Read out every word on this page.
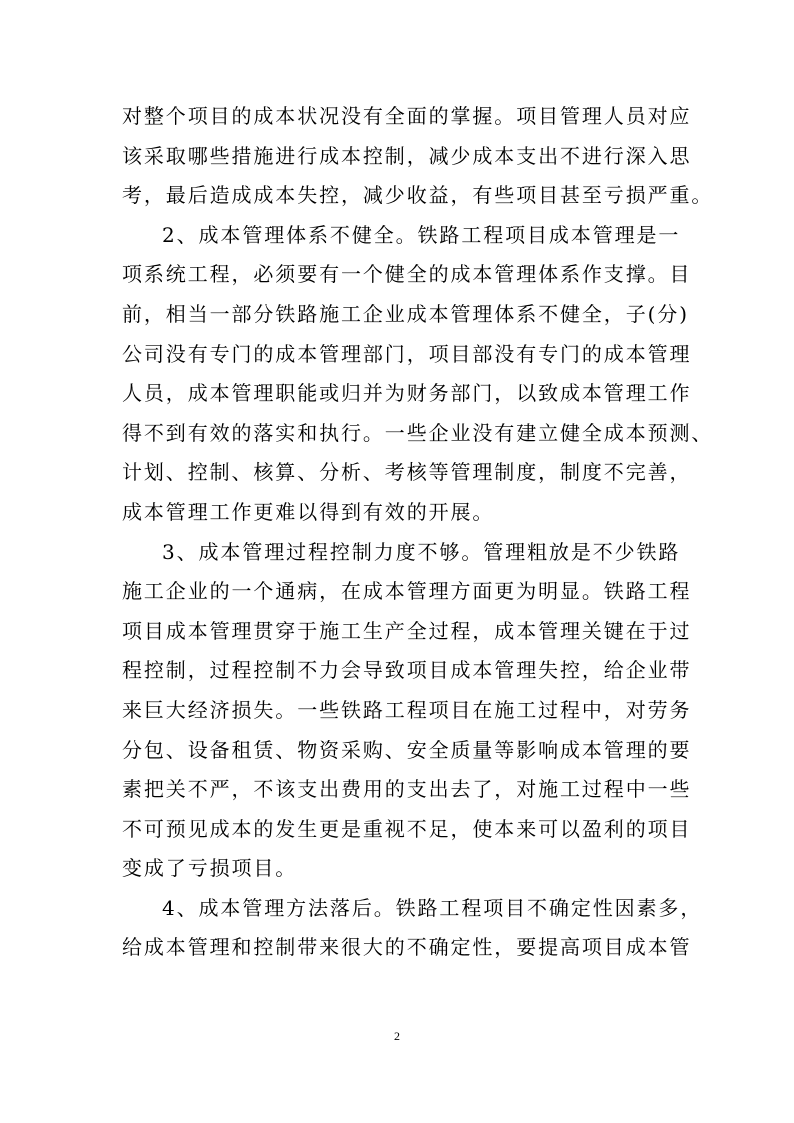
对整个项目的成本状况没有全面的掌握。项目管理人员对应
该采取哪些措施进行成本控制，减少成本支出不进行深入思
考，最后造成成本失控，减少收益，有些项目甚至亏损严重。
2、成本管理体系不健全。铁路工程项目成本管理是一
项系统工程，必须要有一个健全的成本管理体系作支撑。目
前，相当一部分铁路施工企业成本管理体系不健全，子(分)
公司没有专门的成本管理部门，项目部没有专门的成本管理
人员，成本管理职能或归并为财务部门，以致成本管理工作
得不到有效的落实和执行。一些企业没有建立健全成本预测、
计划、控制、核算、分析、考核等管理制度，制度不完善，
成本管理工作更难以得到有效的开展。
3、成本管理过程控制力度不够。管理粗放是不少铁路
施工企业的一个通病，在成本管理方面更为明显。铁路工程
项目成本管理贯穿于施工生产全过程，成本管理关键在于过
程控制，过程控制不力会导致项目成本管理失控，给企业带
来巨大经济损失。一些铁路工程项目在施工过程中，对劳务
分包、设备租赁、物资采购、安全质量等影响成本管理的要
素把关不严，不该支出费用的支出去了，对施工过程中一些
不可预见成本的发生更是重视不足，使本来可以盈利的项目
变成了亏损项目。
4、成本管理方法落后。铁路工程项目不确定性因素多，
给成本管理和控制带来很大的不确定性，要提高项目成本管
2
